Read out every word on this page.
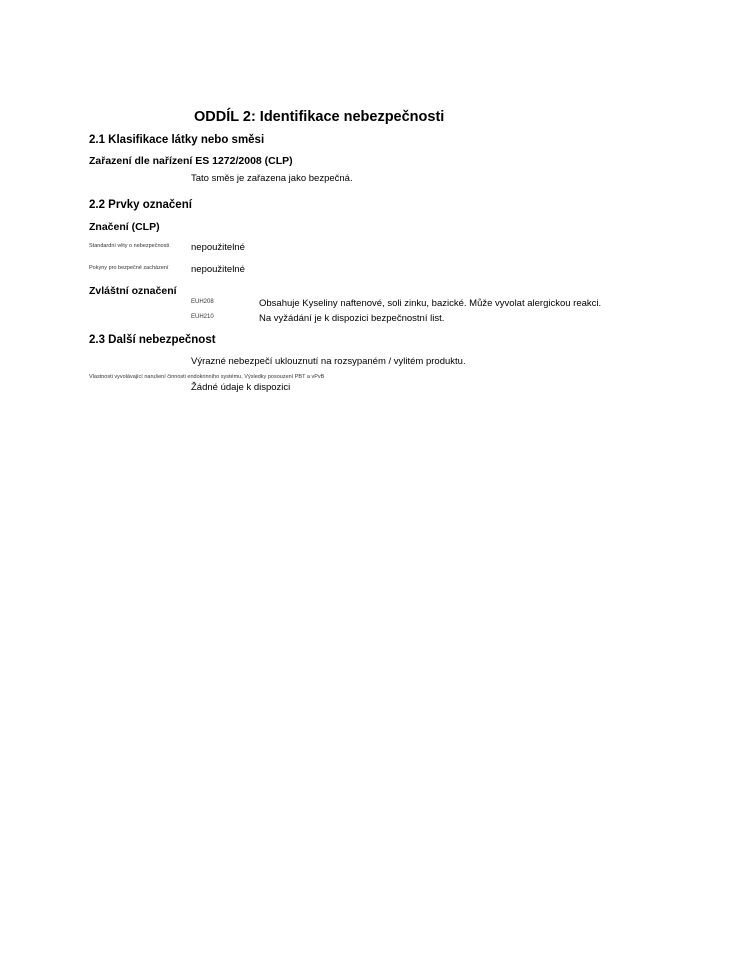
ODDÍL 2: Identifikace nebezpečnosti
2.1 Klasifikace látky nebo směsi
Zařazení dle nařízení ES 1272/2008 (CLP)
Tato směs je zařazena jako bezpečná.
2.2 Prvky označení
Značení (CLP)
Standardní věty o nebezpečnosti nepoužitelné
Pokyny pro bezpečné zacházení nepoužitelné
Zvláštní označení
EUH208	Obsahuje Kyseliny naftenové, soli zinku, bazické. Může vyvolat alergickou reakci.
EUH210	Na vyžádání je k dispozici bezpečnostní list.
2.3 Další nebezpečnost
Výrazné nebezpečí uklouznutí na rozsypaném / vylitém produktu.
Vlastnosti vyvolávající narušení činnosti endokrinního systému, Výsledky posouzení PBT a vPvB
Žádné údaje k dispozici
